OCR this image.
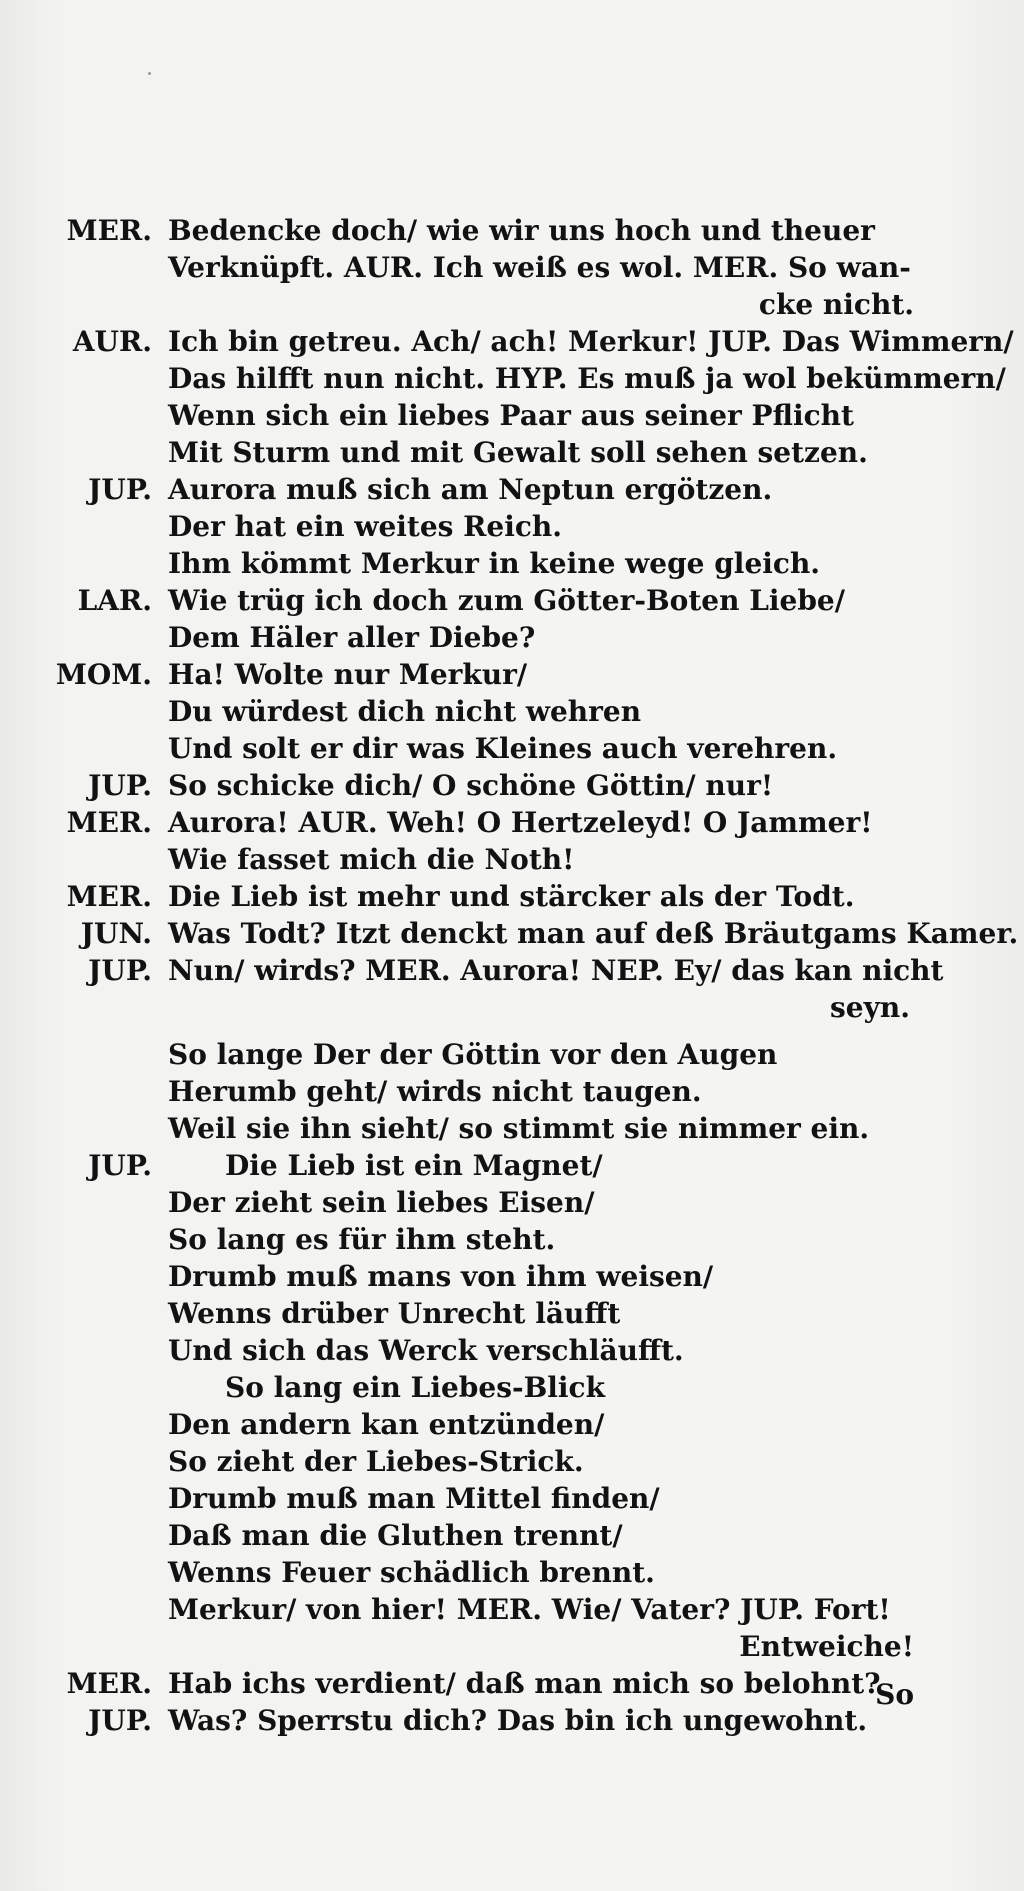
MER. Bedencke doch/ wie wir uns hoch und theuer
Verknüpft. AUR. Ich weiß es wol. MER. So wan-
cke nicht.
AUR. Ich bin getreu. Ach/ ach! Merkur! JUP. Das Wimmern/
Das hilfft nun nicht. HYP. Es muß ja wol bekümmern/
Wenn sich ein liebes Paar aus seiner Pflicht
Mit Sturm und mit Gewalt soll sehen setzen.
JUP. Aurora muß sich am Neptun ergötzen.
Der hat ein weites Reich.
Ihm kömmt Merkur in keine wege gleich.
LAR. Wie trüg ich doch zum Götter-Boten Liebe/
Dem Häler aller Diebe?
MOM. Ha! Wolte nur Merkur/
Du würdest dich nicht wehren
Und solt er dir was Kleines auch verehren.
JUP. So schicke dich/ O schöne Göttin/ nur!
MER. Aurora! AUR. Weh! O Hertzeleyd! O Jammer!
Wie fasset mich die Noth!
MER. Die Lieb ist mehr und stärcker als der Todt.
JUN. Was Todt? Itzt denckt man auf deß Bräutgams Kamer.
JUP. Nun/ wirds? MER. Aurora! NEP. Ey/ das kan nicht
seyn.
So lange Der der Göttin vor den Augen
Herumb geht/ wirds nicht taugen.
Weil sie ihn sieht/ so stimmt sie nimmer ein.
JUP.	Die Lieb ist ein Magnet/
Der zieht sein liebes Eisen/
So lang es für ihm steht.
Drumb muß mans von ihm weisen/
Wenns drüber Unrecht läufft
Und sich das Werck verschläufft.
So lang ein Liebes-Blick
Den andern kan entzünden/
So zieht der Liebes-Strick.
Drumb muß man Mittel finden/
Daß man die Gluthen trennt/
Wenns Feuer schädlich brennt.
Merkur/ von hier! MER. Wie/ Vater? JUP. Fort!
Entweiche!
MER. Hab ichs verdient/ daß man mich so belohnt?
JUP. Was? Sperrstu dich? Das bin ich ungewohnt.
So
